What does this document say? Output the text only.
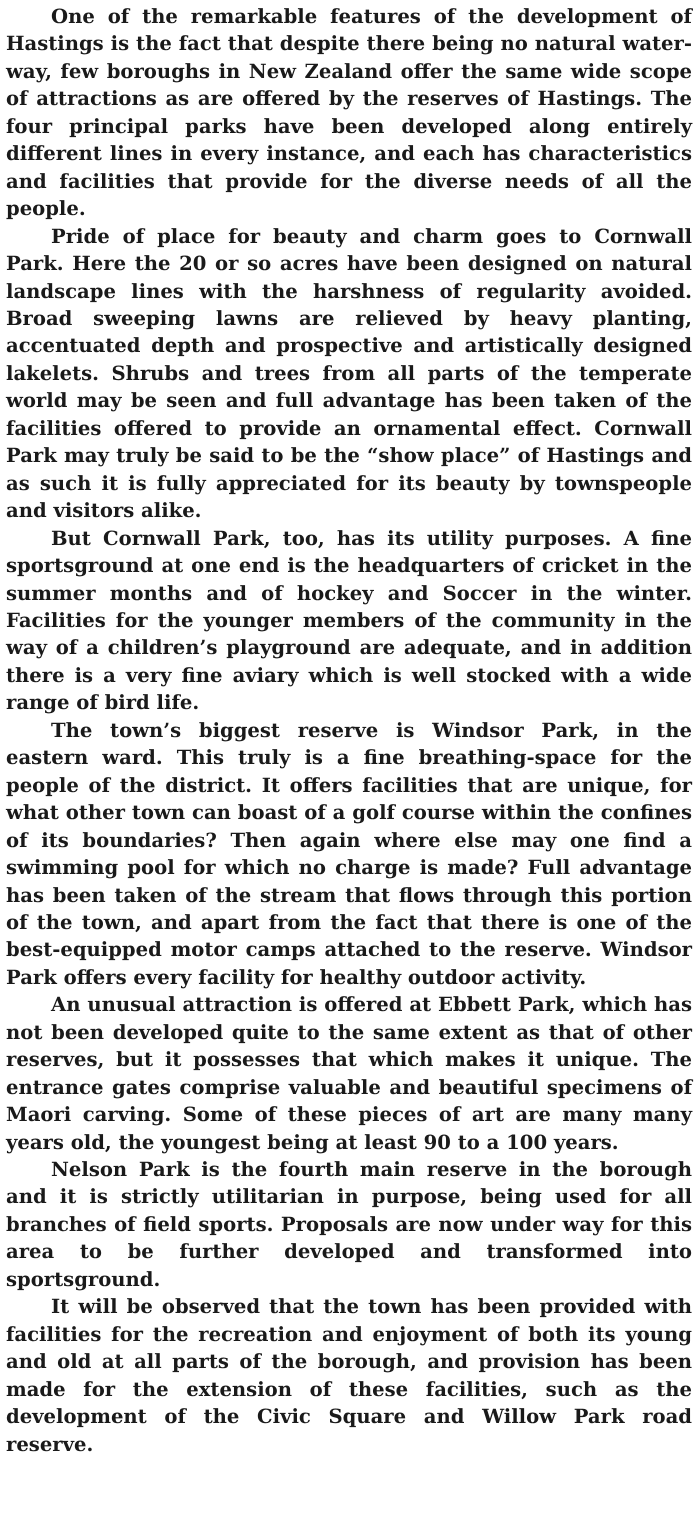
One of the remarkable features of the development of Hastings is the fact that despite there being no natural waterway, few boroughs in New Zealand offer the same wide scope of attractions as are offered by the reserves of Hastings. The four principal parks have been developed along entirely different lines in every instance, and each has characteristics and facilities that provide for the diverse needs of all the people.

Pride of place for beauty and charm goes to Cornwall Park. Here the 20 or so acres have been designed on natural landscape lines with the harshness of regularity avoided. Broad sweeping lawns are relieved by heavy planting, accentuated depth and prospective and artistically designed lakelets. Shrubs and trees from all parts of the temperate world may be seen and full advantage has been taken of the facilities offered to provide an ornamental effect. Cornwall Park may truly be said to be the “show place” of Hastings and as such it is fully appreciated for its beauty by townspeople and visitors alike.

But Cornwall Park, too, has its utility purposes. A fine sportsground at one end is the headquarters of cricket in the summer months and of hockey and Soccer in the winter. Facilities for the younger members of the community in the way of a children’s playground are adequate, and in addition there is a very fine aviary which is well stocked with a wide range of bird life.

The town’s biggest reserve is Windsor Park, in the eastern ward. This truly is a fine breathing-space for the people of the district. It offers facilities that are unique, for what other town can boast of a golf course within the confines of its boundaries? Then again where else may one find a swimming pool for which no charge is made? Full advantage has been taken of the stream that flows through this portion of the town, and apart from the fact that there is one of the best-equipped motor camps attached to the reserve. Windsor Park offers every facility for healthy outdoor activity.

An unusual attraction is offered at Ebbett Park, which has not been developed quite to the same extent as that of other reserves, but it possesses that which makes it unique. The entrance gates comprise valuable and beautiful specimens of Maori carving. Some of these pieces of art are many many years old, the youngest being at least 90 to a 100 years.

Nelson Park is the fourth main reserve in the borough and it is strictly utilitarian in purpose, being used for all branches of field sports. Proposals are now under way for this area to be further developed and transformed into sportsground.

It will be observed that the town has been provided with facilities for the recreation and enjoyment of both its young and old at all parts of the borough, and provision has been made for the extension of these facilities, such as the development of the Civic Square and Willow Park road reserve.
